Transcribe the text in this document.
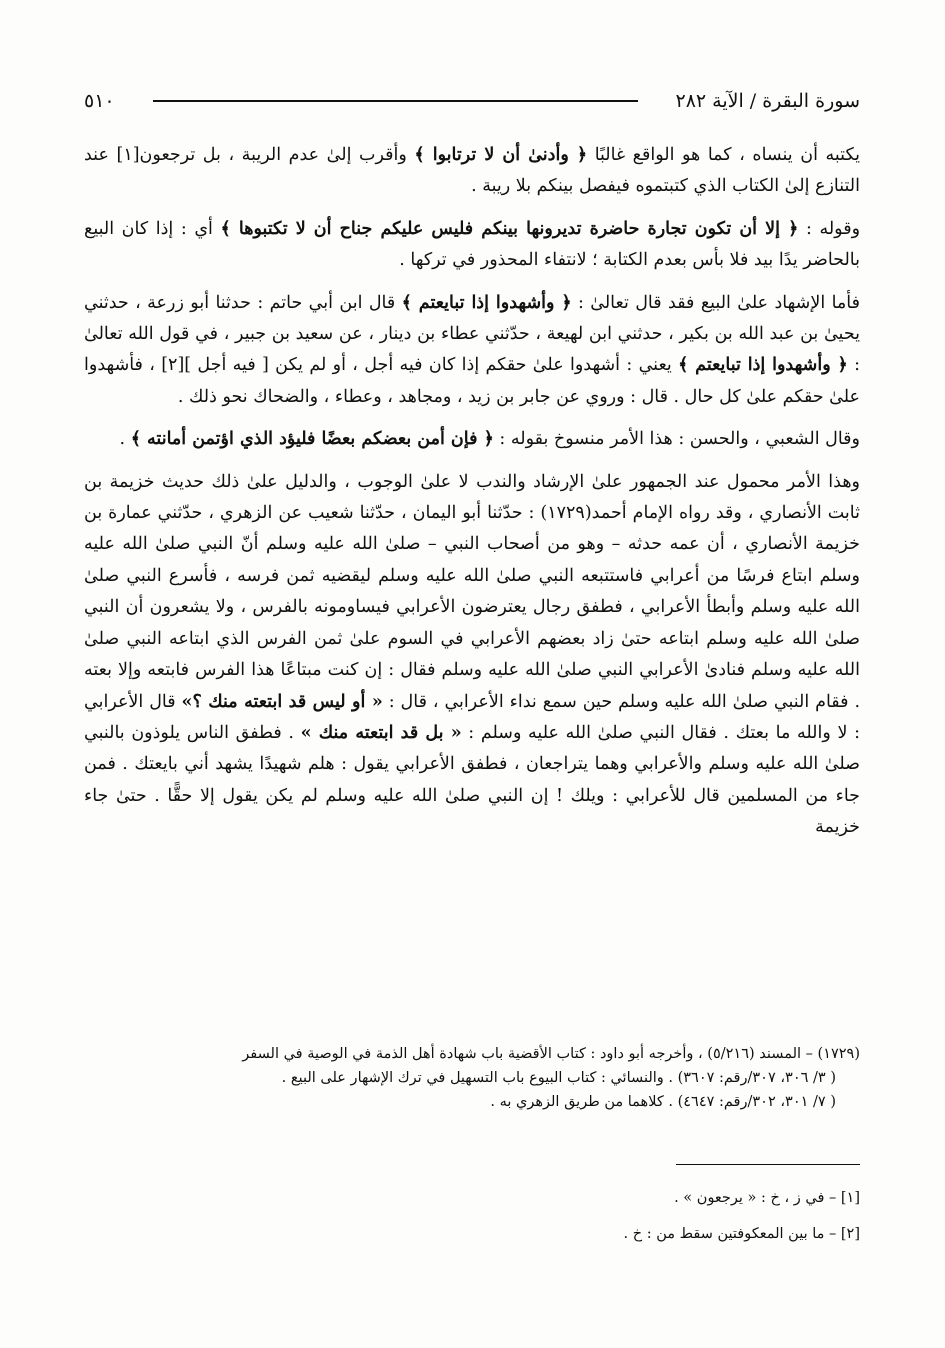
سورة البقرة / الآية ٢٨٢
٥١٠

يكتبه أن ينساه ، كما هو الواقع غالبًا ﴿ وأدنىٰ أن لا ترتابوا ﴾ وأقرب إلىٰ عدم الريبة ، بل ترجعون[١] عند التنازع إلىٰ الكتاب الذي كتبتموه فيفصل بينكم بلا ريبة .

وقوله : ﴿ إلا أن تكون تجارة حاضرة تديرونها بينكم فليس عليكم جناح أن لا تكتبوها ﴾ أي : إذا كان البيع بالحاضر يدًا بيد فلا بأس بعدم الكتابة ؛ لانتفاء المحذور في تركها .

فأما الإشهاد علىٰ البيع فقد قال تعالىٰ : ﴿ وأشهدوا إذا تبايعتم ﴾ قال ابن أبي حاتم : حدثنا أبو زرعة ، حدثني يحيىٰ بن عبد الله بن بكير ، حدثني ابن لهيعة ، حدّثني عطاء بن دينار ، عن سعيد بن جبير ، في قول الله تعالىٰ : ﴿ وأشهدوا إذا تبايعتم ﴾ يعني : أشهدوا علىٰ حقكم إذا كان فيه أجل ، أو لم يكن [ فيه أجل ][٢] ، فأشهدوا علىٰ حقكم علىٰ كل حال . قال : وروي عن جابر بن زيد ، ومجاهد ، وعطاء ، والضحاك نحو ذلك .

وقال الشعبي ، والحسن : هذا الأمر منسوخ بقوله : ﴿ فإن أمن بعضكم بعضًا فليؤد الذي اؤتمن أمانته ﴾ .

وهذا الأمر محمول عند الجمهور علىٰ الإرشاد والندب لا علىٰ الوجوب ، والدليل علىٰ ذلك حديث خزيمة بن ثابت الأنصاري ، وقد رواه الإمام أحمد(١٧٢٩) : حدّثنا أبو اليمان ، حدّثنا شعيب عن الزهري ، حدّثني عمارة بن خزيمة الأنصاري ، أن عمه حدثه – وهو من أصحاب النبي – صلىٰ الله عليه وسلم أنّ النبي صلىٰ الله عليه وسلم ابتاع فرسًا من أعرابي فاستتبعه النبي صلىٰ الله عليه وسلم ليقضيه ثمن فرسه ، فأسرع النبي صلىٰ الله عليه وسلم وأبطأ الأعرابي ، فطفق رجال يعترضون الأعرابي فيساومونه بالفرس ، ولا يشعرون أن النبي صلىٰ الله عليه وسلم ابتاعه حتىٰ زاد بعضهم الأعرابي في السوم علىٰ ثمن الفرس الذي ابتاعه النبي صلىٰ الله عليه وسلم فنادىٰ الأعرابي النبي صلىٰ الله عليه وسلم فقال : إن كنت مبتاعًا هذا الفرس فابتعه وإلا بعته . فقام النبي صلىٰ الله عليه وسلم حين سمع نداء الأعرابي ، قال : « أو ليس قد ابتعته منك ؟» قال الأعرابي : لا والله ما بعتك . فقال النبي صلىٰ الله عليه وسلم : « بل قد ابتعته منك » . فطفق الناس يلوذون بالنبي صلىٰ الله عليه وسلم والأعرابي وهما يتراجعان ، فطفق الأعرابي يقول : هلم شهيدًا يشهد أني بايعتك . فمن جاء من المسلمين قال للأعرابي : ويلك ! إن النبي صلىٰ الله عليه وسلم لم يكن يقول إلا حقًّا . حتىٰ جاء خزيمة

(١٧٢٩) – المسند (٥/٢١٦) ، وأخرجه أبو داود : كتاب الأقضية باب شهادة أهل الذمة في الوصية في السفر

( ٣/ ٣٠٦، ٣٠٧/رقم: ٣٦٠٧) . والنسائي : كتاب البيوع باب التسهيل في ترك الإشهار على البيع .

( ٧/ ٣٠١، ٣٠٢/رقم: ٤٦٤٧) . كلاهما من طريق الزهري به .

[١] – في ز ، خ : « يرجعون » .

[٢] – ما بين المعكوفتين سقط من : خ .
